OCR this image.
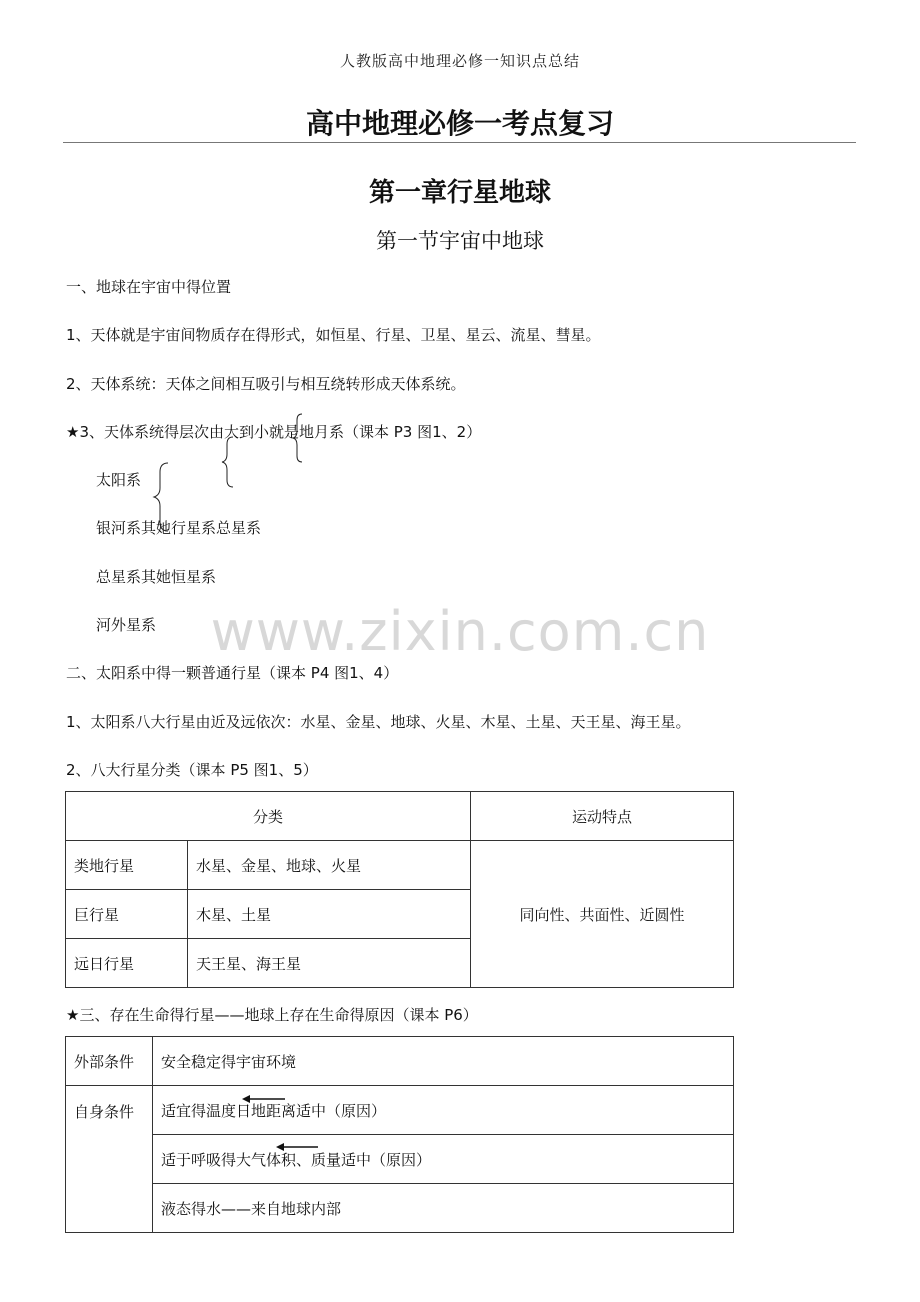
人教版高中地理必修一知识点总结
高中地理必修一考点复习
第一章行星地球
第一节宇宙中地球
一、地球在宇宙中得位置
1、天体就是宇宙间物质存在得形式，如恒星、行星、卫星、星云、流星、彗星。
2、天体系统：天体之间相互吸引与相互绕转形成天体系统。
★3、天体系统得层次由大到小就是地月系（课本 P3 图1、2）
太阳系
银河系其她行星系总星系
总星系其她恒星系
河外星系	www.zixin.com.cn
二、太阳系中得一颗普通行星（课本 P4 图1、4）
1、太阳系八大行星由近及远依次：水星、金星、地球、火星、木星、土星、天王星、海王星。
2、八大行星分类（课本 P5 图1、5）
分类		运动特点
类地行星	水星、金星、地球、火星	同向性、共面性、近圆性
巨行星	木星、土星	
远日行星	天王星、海王星	
★三、存在生命得行星——地球上存在生命得原因（课本 P6）
外部条件	安全稳定得宇宙环境
自身条件	适宜得温度日地距离适中（原因）
	适于呼吸得大气体积、质量适中（原因）
	液态得水——来自地球内部
